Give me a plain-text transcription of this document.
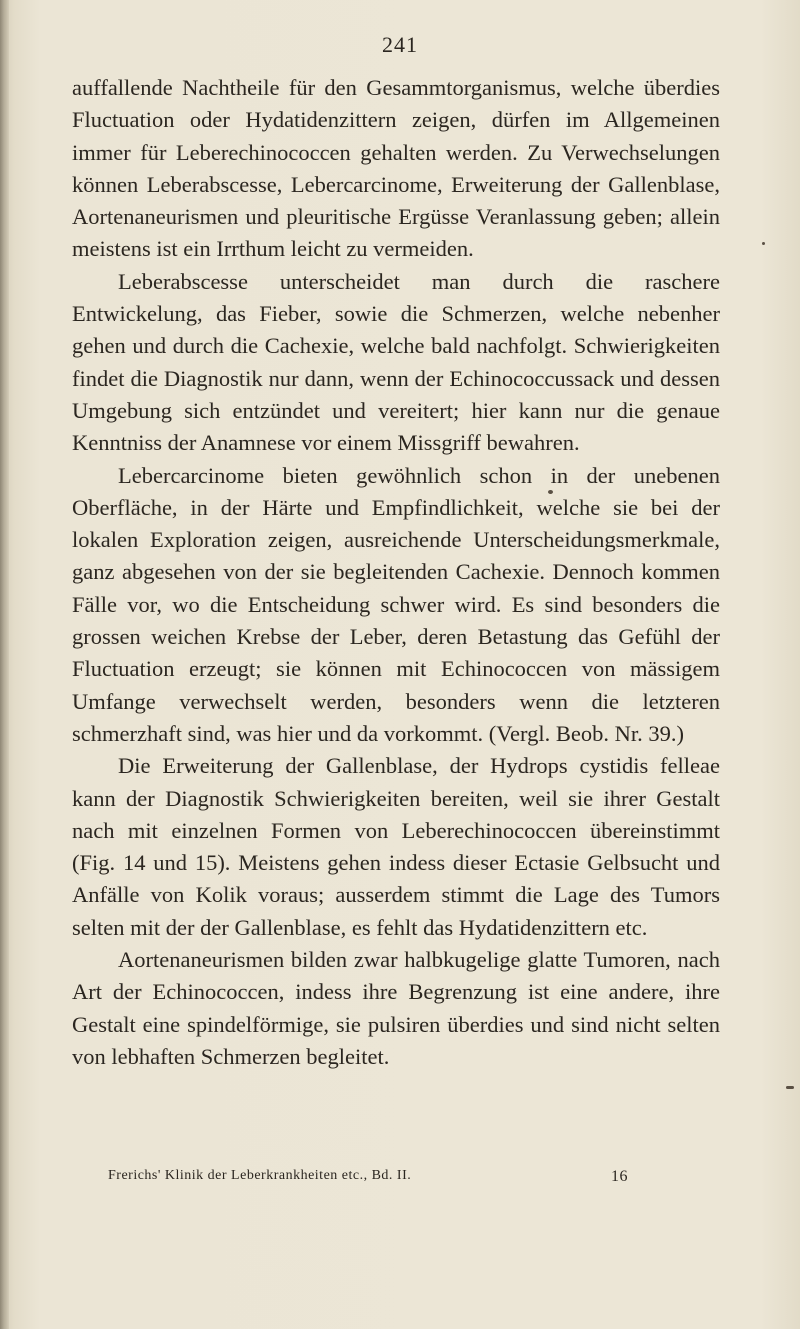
241

auffallende Nachtheile für den Gesammtorganismus, welche überdies Fluctuation oder Hydatidenzittern zeigen, dürfen im Allgemeinen immer für Leberechinococcen gehalten werden. Zu Verwechselungen können Leberabscesse, Lebercarcinome, Erweiterung der Gallenblase, Aortenaneurismen und pleuritische Ergüsse Veranlassung geben; allein meistens ist ein Irrthum leicht zu vermeiden.

Leberabscesse unterscheidet man durch die raschere Entwickelung, das Fieber, sowie die Schmerzen, welche nebenher gehen und durch die Cachexie, welche bald nachfolgt. Schwierigkeiten findet die Diagnostik nur dann, wenn der Echinococcussack und dessen Umgebung sich entzündet und vereitert; hier kann nur die genaue Kenntniss der Anamnese vor einem Missgriff bewahren.

Lebercarcinome bieten gewöhnlich schon in der unebenen Oberfläche, in der Härte und Empfindlichkeit, welche sie bei der lokalen Exploration zeigen, ausreichende Unterscheidungsmerkmale, ganz abgesehen von der sie begleitenden Cachexie. Dennoch kommen Fälle vor, wo die Entscheidung schwer wird. Es sind besonders die grossen weichen Krebse der Leber, deren Betastung das Gefühl der Fluctuation erzeugt; sie können mit Echinococcen von mässigem Umfange verwechselt werden, besonders wenn die letzteren schmerzhaft sind, was hier und da vorkommt. (Vergl. Beob. Nr. 39.)

Die Erweiterung der Gallenblase, der Hydrops cystidis felleae kann der Diagnostik Schwierigkeiten bereiten, weil sie ihrer Gestalt nach mit einzelnen Formen von Leberechinococcen übereinstimmt (Fig. 14 und 15). Meistens gehen indess dieser Ectasie Gelbsucht und Anfälle von Kolik voraus; ausserdem stimmt die Lage des Tumors selten mit der der Gallenblase, es fehlt das Hydatidenzittern etc.

Aortenaneurismen bilden zwar halbkugelige glatte Tumoren, nach Art der Echinococcen, indess ihre Begrenzung ist eine andere, ihre Gestalt eine spindelförmige, sie pulsiren überdies und sind nicht selten von lebhaften Schmerzen begleitet.

Frerichs' Klinik der Leberkrankheiten etc., Bd. II.	16
